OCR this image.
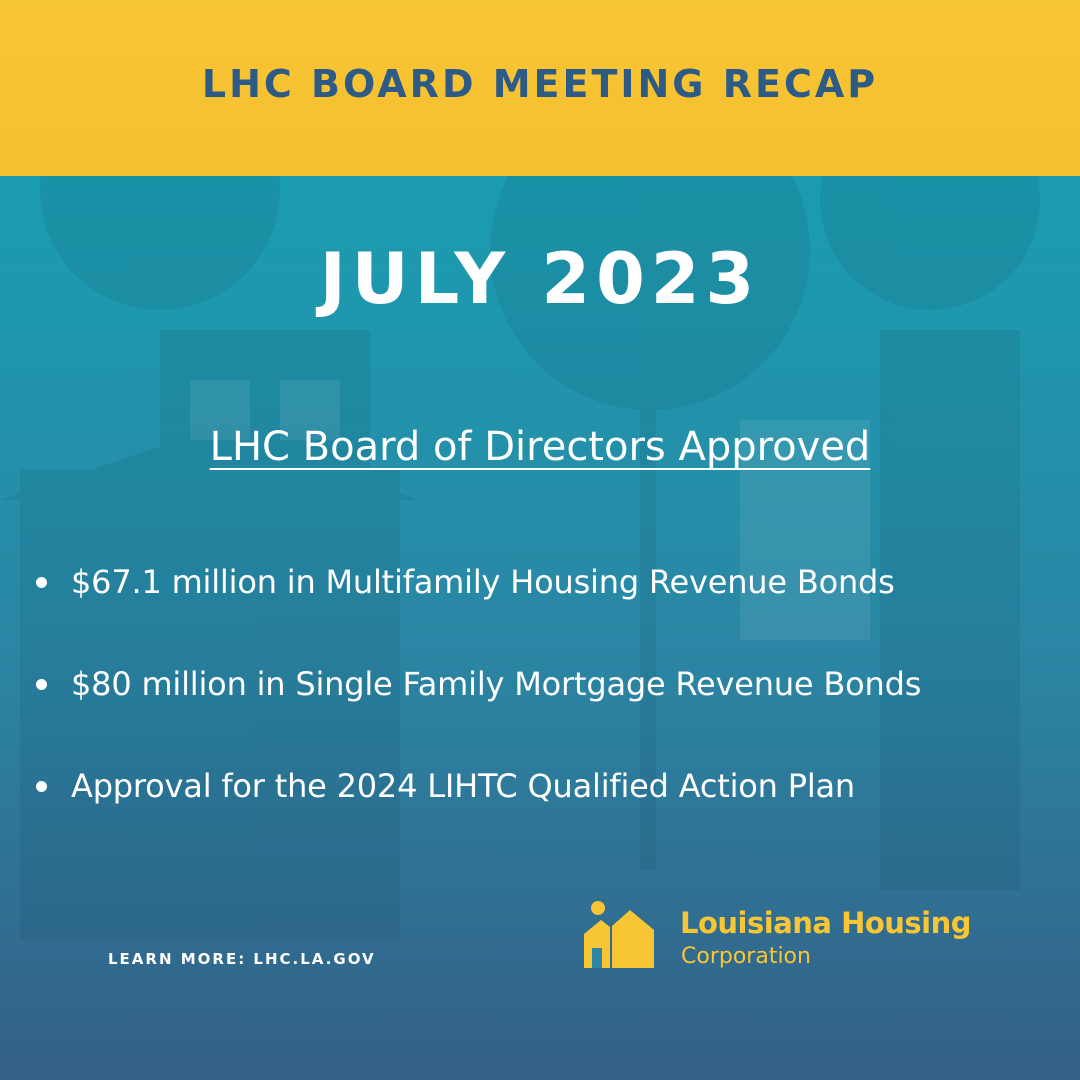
LHC BOARD MEETING RECAP
JULY 2023
LHC Board of Directors Approved
$67.1 million in Multifamily Housing Revenue Bonds
$80 million in Single Family Mortgage Revenue Bonds
Approval for the 2024 LIHTC Qualified Action Plan
LEARN MORE: LHC.LA.GOV
Louisiana Housing
Corporation
